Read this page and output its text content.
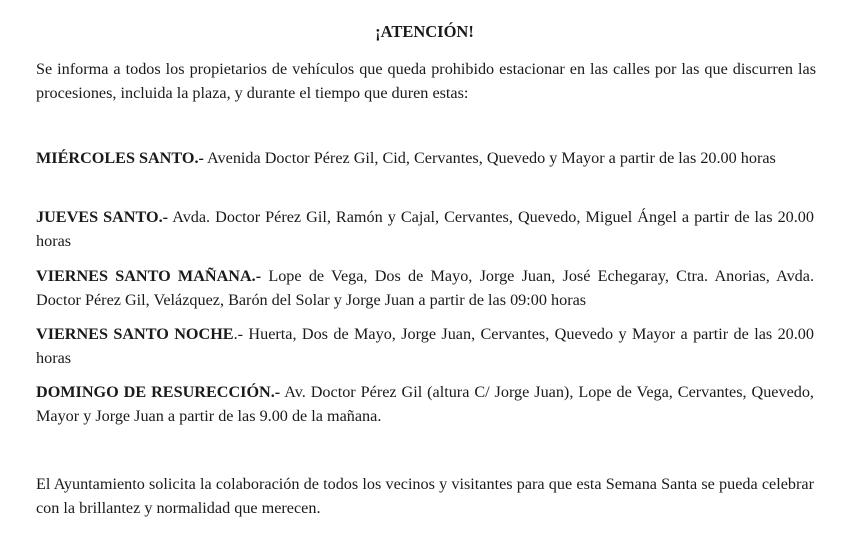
¡ATENCIÓN!
Se informa a todos los propietarios de vehículos que queda prohibido estacionar en las calles por las que discurren las procesiones, incluida la plaza, y durante el tiempo que duren estas:
MIÉRCOLES SANTO.- Avenida Doctor Pérez Gil, Cid, Cervantes, Quevedo y Mayor a partir de las 20.00 horas
JUEVES SANTO.- Avda. Doctor Pérez Gil, Ramón y Cajal, Cervantes, Quevedo, Miguel Ángel a partir de las 20.00 horas
VIERNES SANTO MAÑANA.- Lope de Vega, Dos de Mayo, Jorge Juan, José Echegaray, Ctra. Anorias, Avda. Doctor Pérez Gil, Velázquez, Barón del Solar y Jorge Juan a partir de las 09:00 horas
VIERNES SANTO NOCHE.- Huerta, Dos de Mayo, Jorge Juan, Cervantes, Quevedo y Mayor a partir de las 20.00 horas
DOMINGO DE RESURECCIÓN.- Av. Doctor Pérez Gil (altura C/ Jorge Juan), Lope de Vega, Cervantes, Quevedo, Mayor y Jorge Juan a partir de las 9.00 de la mañana.
El Ayuntamiento solicita la colaboración de todos los vecinos y visitantes para que esta Semana Santa se pueda celebrar con la brillantez y normalidad que merecen.
